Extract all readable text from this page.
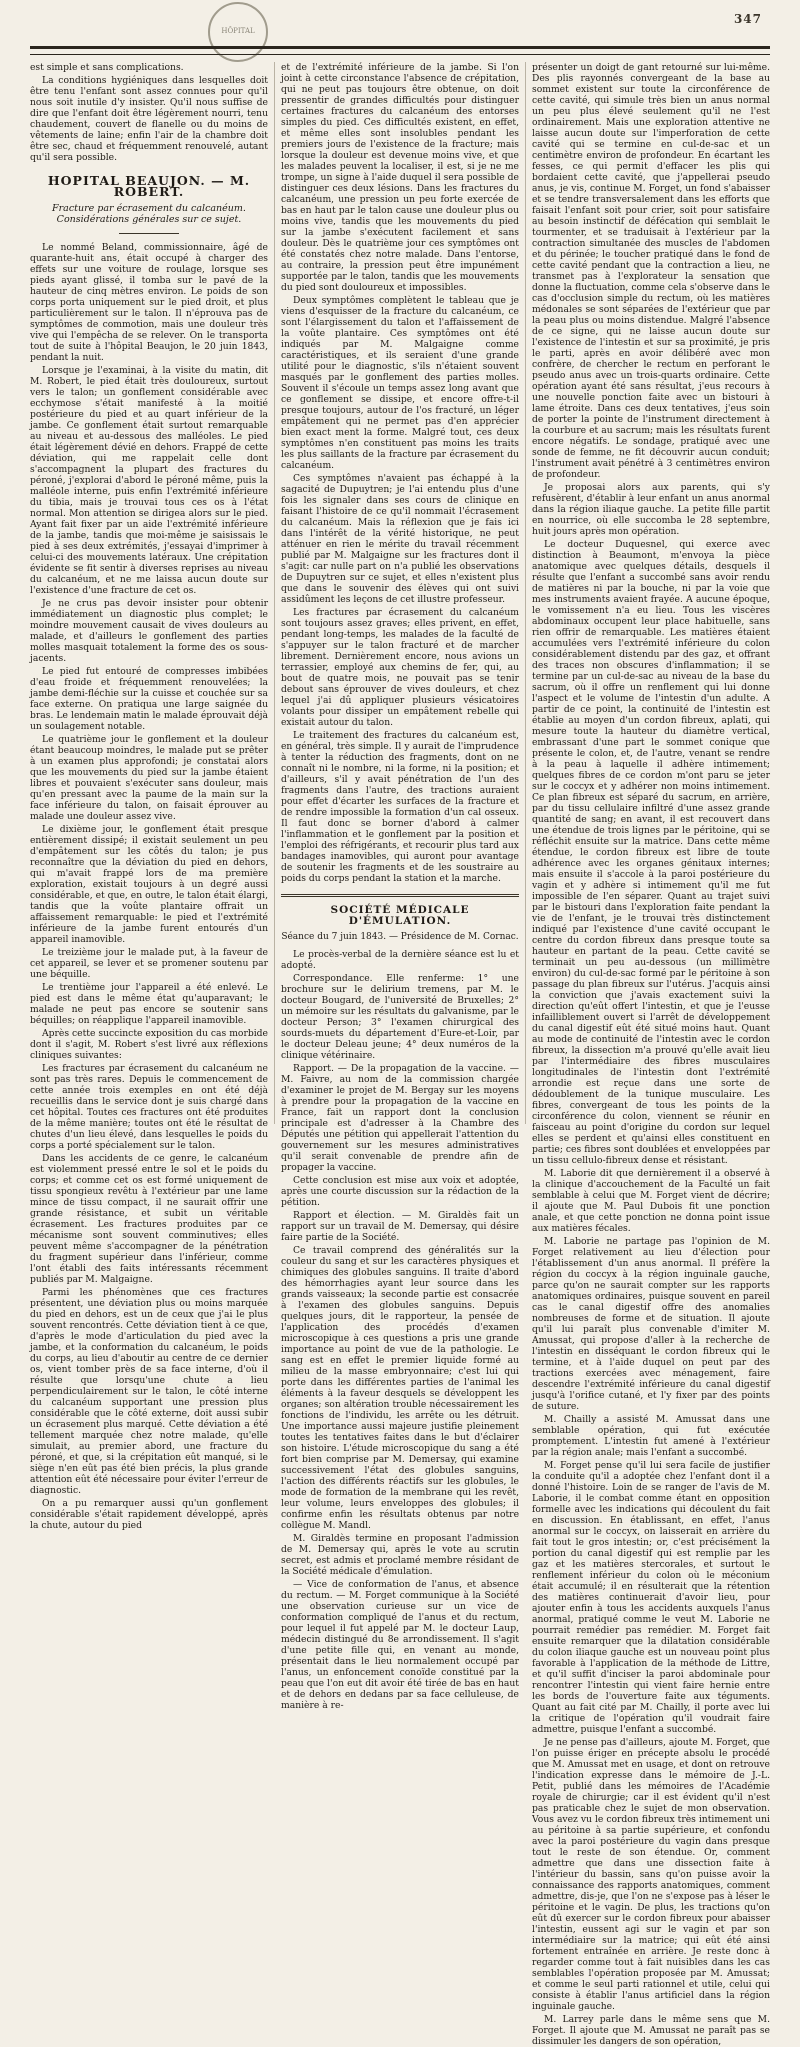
HÔPITAL
347

est simple et sans complications.

La conditions hygiéniques dans lesquelles doit être tenu l'enfant sont assez connues pour qu'il nous soit inutile d'y insister. Qu'il nous suffise de dire que l'enfant doit être légèrement nourri, tenu chaudement, couvert de flanelle ou du moins de vêtements de laine; enfin l'air de la chambre doit être sec, chaud et fréquemment renouvelé, autant qu'il sera possible.

HOPITAL BEAUJON. — M. ROBERT.
Fracture par écrasement du calcanéum. Considérations générales sur ce sujet.

Le nommé Beland, commissionnaire, âgé de quarante-huit ans, était occupé à charger des effets sur une voiture de roulage, lorsque ses pieds ayant glissé, il tomba sur le pavé de la hauteur de cinq mètres environ. Le poids de son corps porta uniquement sur le pied droit, et plus particulièrement sur le talon. Il n'éprouva pas de symptômes de commotion, mais une douleur très vive qui l'empêcha de se relever. On le transporta tout de suite à l'hôpital Beaujon, le 20 juin 1843, pendant la nuit.

Lorsque je l'examinai, à la visite du matin, dit M. Robert, le pied était très douloureux, surtout vers le talon; un gonflement considérable avec ecchymose s'était manifesté à la moitié postérieure du pied et au quart inférieur de la jambe. Ce gonflement était surtout remarquable au niveau et au-dessous des malléoles. Le pied était légèrement dévié en dehors. Frappé de cette déviation, qui me rappelait celle dont s'accompagnent la plupart des fractures du péroné, j'explorai d'abord le péroné même, puis la malléole interne, puis enfin l'extrémité inférieure du tibia, mais je trouvai tous ces os à l'état normal. Mon attention se dirigea alors sur le pied. Ayant fait fixer par un aide l'extrémité inférieure de la jambe, tandis que moi-même je saisissais le pied à ses deux extrémités, j'essayai d'imprimer à celui-ci des mouvements latéraux. Une crépitation évidente se fit sentir à diverses reprises au niveau du calcanéum, et ne me laissa aucun doute sur l'existence d'une fracture de cet os.

Je ne crus pas devoir insister pour obtenir immédiatement un diagnostic plus complet; le moindre mouvement causait de vives douleurs au malade, et d'ailleurs le gonflement des parties molles masquait totalement la forme des os sous-jacents.

Le pied fut entouré de compresses imbibées d'eau froide et fréquemment renouvelées; la jambe demi-fléchie sur la cuisse et couchée sur sa face externe. On pratiqua une large saignée du bras. Le lendemain matin le malade éprouvait déjà un soulagement notable.

Le quatrième jour le gonflement et la douleur étant beaucoup moindres, le malade put se prêter à un examen plus approfondi; je constatai alors que les mouvements du pied sur la jambe étaient libres et pouvaient s'exécuter sans douleur, mais qu'en pressant avec la paume de la main sur la face inférieure du talon, on faisait éprouver au malade une douleur assez vive.

Le dixième jour, le gonflement était presque entièrement dissipé; il existait seulement un peu d'empâtement sur les côtés du talon; je pus reconnaître que la déviation du pied en dehors, qui m'avait frappé lors de ma première exploration, existait toujours à un degré aussi considérable, et que, en outre, le talon était élargi, tandis que la voûte plantaire offrait un affaissement remarquable: le pied et l'extrémité inférieure de la jambe furent entourés d'un appareil inamovible.

Le treizième jour le malade put, à la faveur de cet appareil, se lever et se promener soutenu par une béquille.

Le trentième jour l'appareil a été enlevé. Le pied est dans le même état qu'auparavant; le malade ne peut pas encore se soutenir sans béquilles; on réapplique l'appareil inamovible.

Après cette succincte exposition du cas morbide dont il s'agit, M. Robert s'est livré aux réflexions cliniques suivantes:

Les fractures par écrasement du calcanéum ne sont pas très rares. Depuis le commencement de cette année trois exemples en ont été déjà recueillis dans le service dont je suis chargé dans cet hôpital. Toutes ces fractures ont été produites de la même manière; toutes ont été le résultat de chutes d'un lieu élevé, dans lesquelles le poids du corps a porté spécialement sur le talon.

Dans les accidents de ce genre, le calcanéum est violemment pressé entre le sol et le poids du corps; et comme cet os est formé uniquement de tissu spongieux revêtu à l'extérieur par une lame mince de tissu compact, il ne saurait offrir une grande résistance, et subit un véritable écrasement. Les fractures produites par ce mécanisme sont souvent comminutives; elles peuvent même s'accompagner de la pénétration du fragment supérieur dans l'inférieur, comme l'ont établi des faits intéressants récemment publiés par M. Malgaigne.

Parmi les phénomènes que ces fractures présentent, une déviation plus ou moins marquée du pied en dehors, est un de ceux que j'ai le plus souvent rencontrés. Cette déviation tient à ce que, d'après le mode d'articulation du pied avec la jambe, et la conformation du calcanéum, le poids du corps, au lieu d'aboutir au centre de ce dernier os, vient tomber près de sa face interne, d'où il résulte que lorsqu'une chute a lieu perpendiculairement sur le talon, le côté interne du calcanéum supportant une pression plus considérable que le côté externe, doit aussi subir un écrasement plus marqué. Cette déviation a été tellement marquée chez notre malade, qu'elle simulait, au premier abord, une fracture du péroné, et que, si la crépitation eût manqué, si le siège n'en eût pas été bien précis, la plus grande attention eût été nécessaire pour éviter l'erreur de diagnostic.

On a pu remarquer aussi qu'un gonflement considérable s'était rapidement développé, après la chute, autour du pied

et de l'extrémité inférieure de la jambe. Si l'on joint à cette circonstance l'absence de crépitation, qui ne peut pas toujours être obtenue, on doit pressentir de grandes difficultés pour distinguer certaines fractures du calcanéum des entorses simples du pied. Ces difficultés existent, en effet, et même elles sont insolubles pendant les premiers jours de l'existence de la fracture; mais lorsque la douleur est devenue moins vive, et que les malades peuvent la localiser, il est, si je ne me trompe, un signe à l'aide duquel il sera possible de distinguer ces deux lésions. Dans les fractures du calcanéum, une pression un peu forte exercée de bas en haut par le talon cause une douleur plus ou moins vive, tandis que les mouvements du pied sur la jambe s'exécutent facilement et sans douleur. Dès le quatrième jour ces symptômes ont été constatés chez notre malade. Dans l'entorse, au contraire, la pression peut être impunément supportée par le talon, tandis que les mouvements du pied sont douloureux et impossibles.

Deux symptômes complètent le tableau que je viens d'esquisser de la fracture du calcanéum, ce sont l'élargissement du talon et l'affaissement de la voûte plantaire. Ces symptômes ont été indiqués par M. Malgaigne comme caractéristiques, et ils seraient d'une grande utilité pour le diagnostic, s'ils n'étaient souvent masqués par le gonflement des parties molles. Souvent il s'écoule un temps assez long avant que ce gonflement se dissipe, et encore offre-t-il presque toujours, autour de l'os fracturé, un léger empâtement qui ne permet pas d'en apprécier bien exact ment la forme. Malgré tout, ces deux symptômes n'en constituent pas moins les traits les plus saillants de la fracture par écrasement du calcanéum.

Ces symptômes n'avaient pas échappé à la sagacité de Dupuytren; je l'ai entendu plus d'une fois les signaler dans ses cours de clinique en faisant l'histoire de ce qu'il nommait l'écrasement du calcanéum. Mais la réflexion que je fais ici dans l'intérêt de la vérité historique, ne peut atténuer en rien le mérite du travail récemment publié par M. Malgaigne sur les fractures dont il s'agit: car nulle part on n'a publié les observations de Dupuytren sur ce sujet, et elles n'existent plus que dans le souvenir des élèves qui ont suivi assidûment les leçons de cet illustre professeur.

Les fractures par écrasement du calcanéum sont toujours assez graves; elles privent, en effet, pendant long-temps, les malades de la faculté de s'appuyer sur le talon fracturé et de marcher librement. Dernièrement encore, nous avions un terrassier, employé aux chemins de fer, qui, au bout de quatre mois, ne pouvait pas se tenir debout sans éprouver de vives douleurs, et chez lequel j'ai dû appliquer plusieurs vésicatoires volants pour dissiper un empâtement rebelle qui existait autour du talon.

Le traitement des fractures du calcanéum est, en général, très simple. Il y aurait de l'imprudence à tenter la réduction des fragments, dont on ne connaît ni le nombre, ni la forme, ni la position; et d'ailleurs, s'il y avait pénétration de l'un des fragments dans l'autre, des tractions auraient pour effet d'écarter les surfaces de la fracture et de rendre impossible la formation d'un cal osseux. Il faut donc se borner d'abord à calmer l'inflammation et le gonflement par la position et l'emploi des réfrigérants, et recourir plus tard aux bandages inamovibles, qui auront pour avantage de soutenir les fragments et de les soustraire au poids du corps pendant la station et la marche.

SOCIÉTÉ MÉDICALE D'ÉMULATION.
Séance du 7 juin 1843. — Présidence de M. Cornac.

Le procès-verbal de la dernière séance est lu et adopté.

Correspondance. Elle renferme: 1° une brochure sur le delirium tremens, par M. le docteur Bougard, de l'université de Bruxelles; 2° un mémoire sur les résultats du galvanisme, par le docteur Person; 3° l'examen chirurgical des sourds-muets du département d'Eure-et-Loir, par le docteur Deleau jeune; 4° deux numéros de la clinique vétérinaire.

Rapport. — De la propagation de la vaccine. — M. Faivre, au nom de la commission chargée d'examiner le projet de M. Bergay sur les moyens à prendre pour la propagation de la vaccine en France, fait un rapport dont la conclusion principale est d'adresser à la Chambre des Députés une pétition qui appellerait l'attention du gouvernement sur les mesures administratives qu'il serait convenable de prendre afin de propager la vaccine.

Cette conclusion est mise aux voix et adoptée, après une courte discussion sur la rédaction de la pétition.

Rapport et élection. — M. Giraldès fait un rapport sur un travail de M. Demersay, qui désire faire partie de la Société.

Ce travail comprend des généralités sur la couleur du sang et sur les caractères physiques et chimiques des globules sanguins. Il traite d'abord des hémorrhagies ayant leur source dans les grands vaisseaux; la seconde partie est consacrée à l'examen des globules sanguins. Depuis quelques jours, dit le rapporteur, la pensée de l'application des procédés d'examen microscopique à ces questions a pris une grande importance au point de vue de la pathologie. Le sang est en effet le premier liquide formé au milieu de la masse embryonnaire; c'est lui qui porte dans les différentes parties de l'animal les éléments à la faveur desquels se développent les organes; son altération trouble nécessairement les fonctions de l'individu, les arrête ou les détruit. Une importance aussi majeure justifie pleinement toutes les tentatives faites dans le but d'éclairer son histoire. L'étude microscopique du sang a été fort bien comprise par M. Demersay, qui examine successivement l'état des globules sanguins, l'action des différents réactifs sur les globules, le mode de formation de la membrane qui les revêt, leur volume, leurs enveloppes des globules; il confirme enfin les résultats obtenus par notre collègue M. Mandl.

M. Giraldès termine en proposant l'admission de M. Demersay qui, après le vote au scrutin secret, est admis et proclamé membre résidant de la Société médicale d'émulation.

— Vice de conformation de l'anus, et absence du rectum. — M. Forget communique à la Société une observation curieuse sur un vice de conformation compliqué de l'anus et du rectum, pour lequel il fut appelé par M. le docteur Laup, médecin distingué du 8e arrondissement. Il s'agit d'une petite fille qui, en venant au monde, présentait dans le lieu normalement occupé par l'anus, un enfoncement conoïde constitué par la peau que l'on eut dit avoir été tirée de bas en haut et de dehors en dedans par sa face celluleuse, de manière à re-

présenter un doigt de gant retourné sur lui-même. Des plis rayonnés convergeant de la base au sommet existent sur toute la circonférence de cette cavité, qui simule très bien un anus normal un peu plus élevé seulement qu'il ne l'est ordinairement. Mais une exploration attentive ne laisse aucun doute sur l'imperforation de cette cavité qui se termine en cul-de-sac et un centimètre environ de profondeur. En écartant les fesses, ce qui permit d'effacer les plis qui bordaient cette cavité, que j'appellerai pseudo anus, je vis, continue M. Forget, un fond s'abaisser et se tendre transversalement dans les efforts que faisait l'enfant soit pour crier, soit pour satisfaire au besoin instinctif de défécation qui semblait le tourmenter, et se traduisait à l'extérieur par la contraction simultanée des muscles de l'abdomen et du périnée; le toucher pratiqué dans le fond de cette cavité pendant que la contraction a lieu, ne transmet pas à l'explorateur la sensation que donne la fluctuation, comme cela s'observe dans le cas d'occlusion simple du rectum, où les matières médonales se sont séparées de l'extérieur que par la peau plus ou moins distendue. Malgré l'absence de ce signe, qui ne laisse aucun doute sur l'existence de l'intestin et sur sa proximité, je pris le parti, après en avoir délibéré avec mon confrère, de chercher le rectum en perforant le pseudo anus avec un trois-quarts ordinaire. Cette opération ayant été sans résultat, j'eus recours à une nouvelle ponction faite avec un bistouri à lame étroite. Dans ces deux tentatives, j'eus soin de porter la pointe de l'instrument directement à la courbure et au sacrum; mais les résultats furent encore négatifs. Le sondage, pratiqué avec une sonde de femme, ne fit découvrir aucun conduit; l'instrument avait pénétré à 3 centimètres environ de profondeur.

Je proposai alors aux parents, qui s'y refusèrent, d'établir à leur enfant un anus anormal dans la région iliaque gauche. La petite fille partit en nourrice, où elle succomba le 28 septembre, huit jours après mon opération.

Le docteur Duquesnel, qui exerce avec distinction à Beaumont, m'envoya la pièce anatomique avec quelques détails, desquels il résulte que l'enfant a succombé sans avoir rendu de matières ni par la bouche, ni par la voie que mes instruments avaient frayée. A aucune époque, le vomissement n'a eu lieu. Tous les viscères abdominaux occupent leur place habituelle, sans rien offrir de remarquable. Les matières étaient accumulées vers l'extrémité inférieure du colon considérablement distendu par des gaz, et offrant des traces non obscures d'inflammation; il se termine par un cul-de-sac au niveau de la base du sacrum, où il offre un renflement qui lui donne l'aspect et le volume de l'intestin d'un adulte. A partir de ce point, la continuité de l'intestin est établie au moyen d'un cordon fibreux, aplati, qui mesure toute la hauteur du diamètre vertical, embrassant d'une part le sommet conique que présente le colon, et, de l'autre, venant se rendre à la peau à laquelle il adhère intimement; quelques fibres de ce cordon m'ont paru se jeter sur le coccyx et y adhérer non moins intimement. Ce plan fibreux est séparé du sacrum, en arrière, par du tissu cellulaire infiltré d'une assez grande quantité de sang; en avant, il est recouvert dans une étendue de trois lignes par le péritoine, qui se réfléchit ensuite sur la matrice. Dans cette même étendue, le cordon fibreux est libre de toute adhérence avec les organes génitaux internes; mais ensuite il s'accole à la paroi postérieure du vagin et y adhère si intimement qu'il me fut impossible de l'en séparer. Quant au trajet suivi par le bistouri dans l'exploration faite pendant la vie de l'enfant, je le trouvai très distinctement indiqué par l'existence d'une cavité occupant le centre du cordon fibreux dans presque toute sa hauteur en partant de la peau. Cette cavité se terminait un peu au-dessous (un millimètre environ) du cul-de-sac formé par le péritoine à son passage du plan fibreux sur l'utérus. J'acquis ainsi la conviction que j'avais exactement suivi la direction qu'eût offert l'intestin, et que je l'eusse infailliblement ouvert si l'arrêt de développement du canal digestif eût été situé moins haut. Quant au mode de continuité de l'intestin avec le cordon fibreux, la dissection m'a prouvé qu'elle avait lieu par l'intermédiaire des fibres musculaires longitudinales de l'intestin dont l'extrémité arrondie est reçue dans une sorte de dédoublement de la tunique musculaire. Les fibres, convergeant de tous les points de la circonférence du colon, viennent se réunir en faisceau au point d'origine du cordon sur lequel elles se perdent et qu'ainsi elles constituent en partie; ces fibres sont doublées et enveloppées par un tissu cellulo-fibreux dense et résistant.

M. Laborie dit que dernièrement il a observé à la clinique d'accouchement de la Faculté un fait semblable à celui que M. Forget vient de décrire; il ajoute que M. Paul Dubois fit une ponction anale, et que cette ponction ne donna point issue aux matières fécales.

M. Laborie ne partage pas l'opinion de M. Forget relativement au lieu d'élection pour l'établissement d'un anus anormal. Il préfère la région du coccyx à la région inguinale gauche, parce qu'on ne saurait compter sur les rapports anatomiques ordinaires, puisque souvent en pareil cas le canal digestif offre des anomalies nombreuses de forme et de situation. Il ajoute qu'il lui paraît plus convenable d'imiter M. Amussat, qui propose d'aller à la recherche de l'intestin en disséquant le cordon fibreux qui le termine, et à l'aide duquel on peut par des tractions exercées avec ménagement, faire descendre l'extrémité inférieure du canal digestif jusqu'à l'orifice cutané, et l'y fixer par des points de suture.

M. Chailly a assisté M. Amussat dans une semblable opération, qui fut exécutée promptement. L'intestin fut amené à l'extérieur par la région anale; mais l'enfant a succombé.

M. Forget pense qu'il lui sera facile de justifier la conduite qu'il a adoptée chez l'enfant dont il a donné l'histoire. Loin de se ranger de l'avis de M. Laborie, il le combat comme étant en opposition formelle avec les indications qui découlent du fait en discussion. En établissant, en effet, l'anus anormal sur le coccyx, on laisserait en arrière du fait tout le gros intestin; or, c'est précisément la portion du canal digestif qui est remplie par les gaz et les matières stercorales, et surtout le renflement inférieur du colon où le méconium était accumulé; il en résulterait que la rétention des matières continuerait d'avoir lieu, pour ajouter enfin à tous les accidents auxquels l'anus anormal, pratiqué comme le veut M. Laborie ne pourrait remédier pas remédier. M. Forget fait ensuite remarquer que la dilatation considérable du colon iliaque gauche est un nouveau point plus favorable à l'application de la méthode de Littre, et qu'il suffit d'inciser la paroi abdominale pour rencontrer l'intestin qui vient faire hernie entre les bords de l'ouverture faite aux téguments. Quant au fait cité par M. Chailly, il porte avec lui la critique de l'opération qu'il voudrait faire admettre, puisque l'enfant a succombé.

Je ne pense pas d'ailleurs, ajoute M. Forget, que l'on puisse ériger en précepte absolu le procédé que M. Amussat met en usage, et dont on retrouve l'indication expresse dans le mémoire de J.-L. Petit, publié dans les mémoires de l'Académie royale de chirurgie; car il est évident qu'il n'est pas praticable chez le sujet de mon observation. Vous avez vu le cordon fibreux très intimement uni au péritoine à sa partie supérieure, et confondu avec la paroi postérieure du vagin dans presque tout le reste de son étendue. Or, comment admettre que dans une dissection faite à l'intérieur du bassin, sans qu'on puisse avoir la connaissance des rapports anatomiques, comment admettre, dis-je, que l'on ne s'expose pas à léser le péritoine et le vagin. De plus, les tractions qu'on eût dû exercer sur le cordon fibreux pour abaisser l'intestin, eussent agi sur le vagin et par son intermédiaire sur la matrice; qui eût été ainsi fortement entraînée en arrière. Je reste donc à regarder comme tout à fait nuisibles dans les cas semblables l'opération proposée par M. Amussat; et comme le seul parti rationnel et utile, celui qui consiste à établir l'anus artificiel dans la région inguinale gauche.

M. Larrey parle dans le même sens que M. Forget. Il ajoute que M. Amussat ne paraît pas se dissimuler les dangers de son opération,
